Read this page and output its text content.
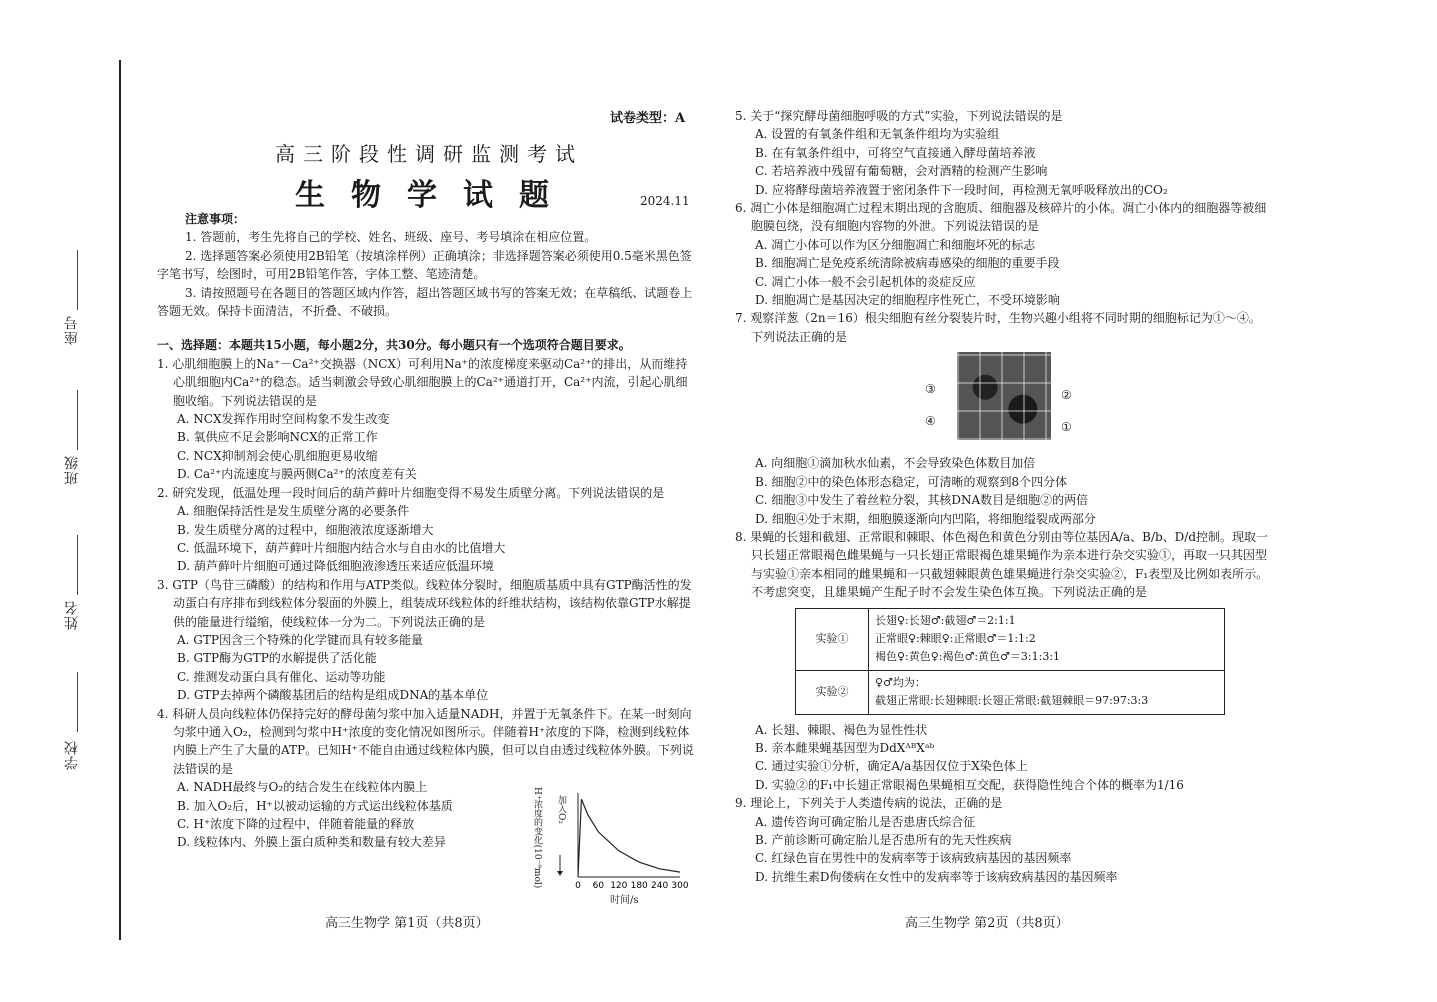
座号
班级
姓名
学校
试卷类型：A
高三阶段性调研监测考试
生物学试题	2024.11

注意事项：

1. 答题前，考生先将自己的学校、姓名、班级、座号、考号填涂在相应位置。

2. 选择题答案必须使用2B铅笔（按填涂样例）正确填涂；非选择题答案必须使用0.5毫米黑色签字笔书写，绘图时，可用2B铅笔作答，字体工整、笔迹清楚。

3. 请按照题号在各题目的答题区域内作答，超出答题区域书写的答案无效；在草稿纸、试题卷上答题无效。保持卡面清洁，不折叠、不破损。

一、选择题：本题共15小题，每小题2分，共30分。每小题只有一个选项符合题目要求。

1. 心肌细胞膜上的Na⁺－Ca²⁺交换器（NCX）可利用Na⁺的浓度梯度来驱动Ca²⁺的排出，从而维持心肌细胞内Ca²⁺的稳态。适当刺激会导致心肌细胞膜上的Ca²⁺通道打开，Ca²⁺内流，引起心肌细胞收缩。下列说法错误的是

A. NCX发挥作用时空间构象不发生改变

B. 氧供应不足会影响NCX的正常工作

C. NCX抑制剂会使心肌细胞更易收缩

D. Ca²⁺内流速度与膜两侧Ca²⁺的浓度差有关

2. 研究发现，低温处理一段时间后的葫芦藓叶片细胞变得不易发生质壁分离。下列说法错误的是

A. 细胞保持活性是发生质壁分离的必要条件

B. 发生质壁分离的过程中，细胞液浓度逐渐增大

C. 低温环境下，葫芦藓叶片细胞内结合水与自由水的比值增大

D. 葫芦藓叶片细胞可通过降低细胞液渗透压来适应低温环境

3. GTP（鸟苷三磷酸）的结构和作用与ATP类似。线粒体分裂时，细胞质基质中具有GTP酶活性的发动蛋白有序排布到线粒体分裂面的外膜上，组装成环线粒体的纤维状结构，该结构依靠GTP水解提供的能量进行缢缩，使线粒体一分为二。下列说法正确的是

A. GTP因含三个特殊的化学键而具有较多能量

B. GTP酶为GTP的水解提供了活化能

C. 推测发动蛋白具有催化、运动等功能

D. GTP去掉两个磷酸基团后的结构是组成DNA的基本单位

4. 科研人员向线粒体仍保持完好的酵母菌匀浆中加入适量NADH，并置于无氧条件下。在某一时刻向匀浆中通入O₂，检测到匀浆中H⁺浓度的变化情况如图所示。伴随着H⁺浓度的下降，检测到线粒体内膜上产生了大量的ATP。已知H⁺不能自由通过线粒体内膜，但可以自由透过线粒体外膜。下列说法错误的是

A. NADH最终与O₂的结合发生在线粒体内膜上

B. 加入O₂后，H⁺以被动运输的方式运出线粒体基质

C. H⁺浓度下降的过程中，伴随着能量的释放

D. 线粒体内、外膜上蛋白质种类和数量有较大差异

0 60 120 180 240 300
H⁺浓度的变化(10⁻⁹mol) 加入O₂
时间/s

5. 关于“探究酵母菌细胞呼吸的方式”实验，下列说法错误的是

A. 设置的有氧条件组和无氧条件组均为实验组

B. 在有氧条件组中，可将空气直接通入酵母菌培养液

C. 若培养液中残留有葡萄糖，会对酒精的检测产生影响

D. 应将酵母菌培养液置于密闭条件下一段时间，再检测无氧呼吸释放出的CO₂

6. 凋亡小体是细胞凋亡过程末期出现的含胞质、细胞器及核碎片的小体。凋亡小体内的细胞器等被细胞膜包绕，没有细胞内容物的外泄。下列说法错误的是

A. 凋亡小体可以作为区分细胞凋亡和细胞坏死的标志

B. 细胞凋亡是免疫系统清除被病毒感染的细胞的重要手段

C. 凋亡小体一般不会引起机体的炎症反应

D. 细胞凋亡是基因决定的细胞程序性死亡，不受环境影响

7. 观察洋葱（2n＝16）根尖细胞有丝分裂装片时，生物兴趣小组将不同时期的细胞标记为①～④。下列说法正确的是

③	②
④	①

A. 向细胞①滴加秋水仙素，不会导致染色体数目加倍

B. 细胞②中的染色体形态稳定，可清晰的观察到8个四分体

C. 细胞③中发生了着丝粒分裂，其核DNA数目是细胞②的两倍

D. 细胞④处于末期，细胞膜逐渐向内凹陷，将细胞缢裂成两部分

8. 果蝇的长翅和截翅、正常眼和棘眼、体色褐色和黄色分别由等位基因A/a、B/b、D/d控制。现取一只长翅正常眼褐色雌果蝇与一只长翅正常眼褐色雄果蝇作为亲本进行杂交实验①，再取一只其因型与实验①亲本相同的雌果蝇和一只截翅棘眼黄色雄果蝇进行杂交实验②，F₁表型及比例如表所示。不考虑突变，且雄果蝇产生配子时不会发生染色体互换。下列说法正确的是

实验①	长翅♀:长翅♂:截翅♂＝2:1:1
正常眼♀:棘眼♀:正常眼♂＝1:1:2
褐色♀:黄色♀:褐色♂:黄色♂＝3:1:3:1

实验②	♀♂均为：
截翅正常眼:长翅棘眼:长翅正常眼:截翅棘眼＝97:97:3:3

A. 长翅、棘眼、褐色为显性性状

B. 亲本雌果蝇基因型为DdXᴬᴮXᵃᵇ

C. 通过实验①分析，确定A/a基因仅位于X染色体上

D. 实验②的F₁中长翅正常眼褐色果蝇相互交配，获得隐性纯合个体的概率为1/16

9. 理论上，下列关于人类遗传病的说法，正确的是

A. 遗传咨询可确定胎儿是否患唐氏综合征

B. 产前诊断可确定胎儿是否患所有的先天性疾病

C. 红绿色盲在男性中的发病率等于该病致病基因的基因频率

D. 抗维生素D佝偻病在女性中的发病率等于该病致病基因的基因频率

高三生物学 第1页（共8页）	高三生物学 第2页（共8页）
